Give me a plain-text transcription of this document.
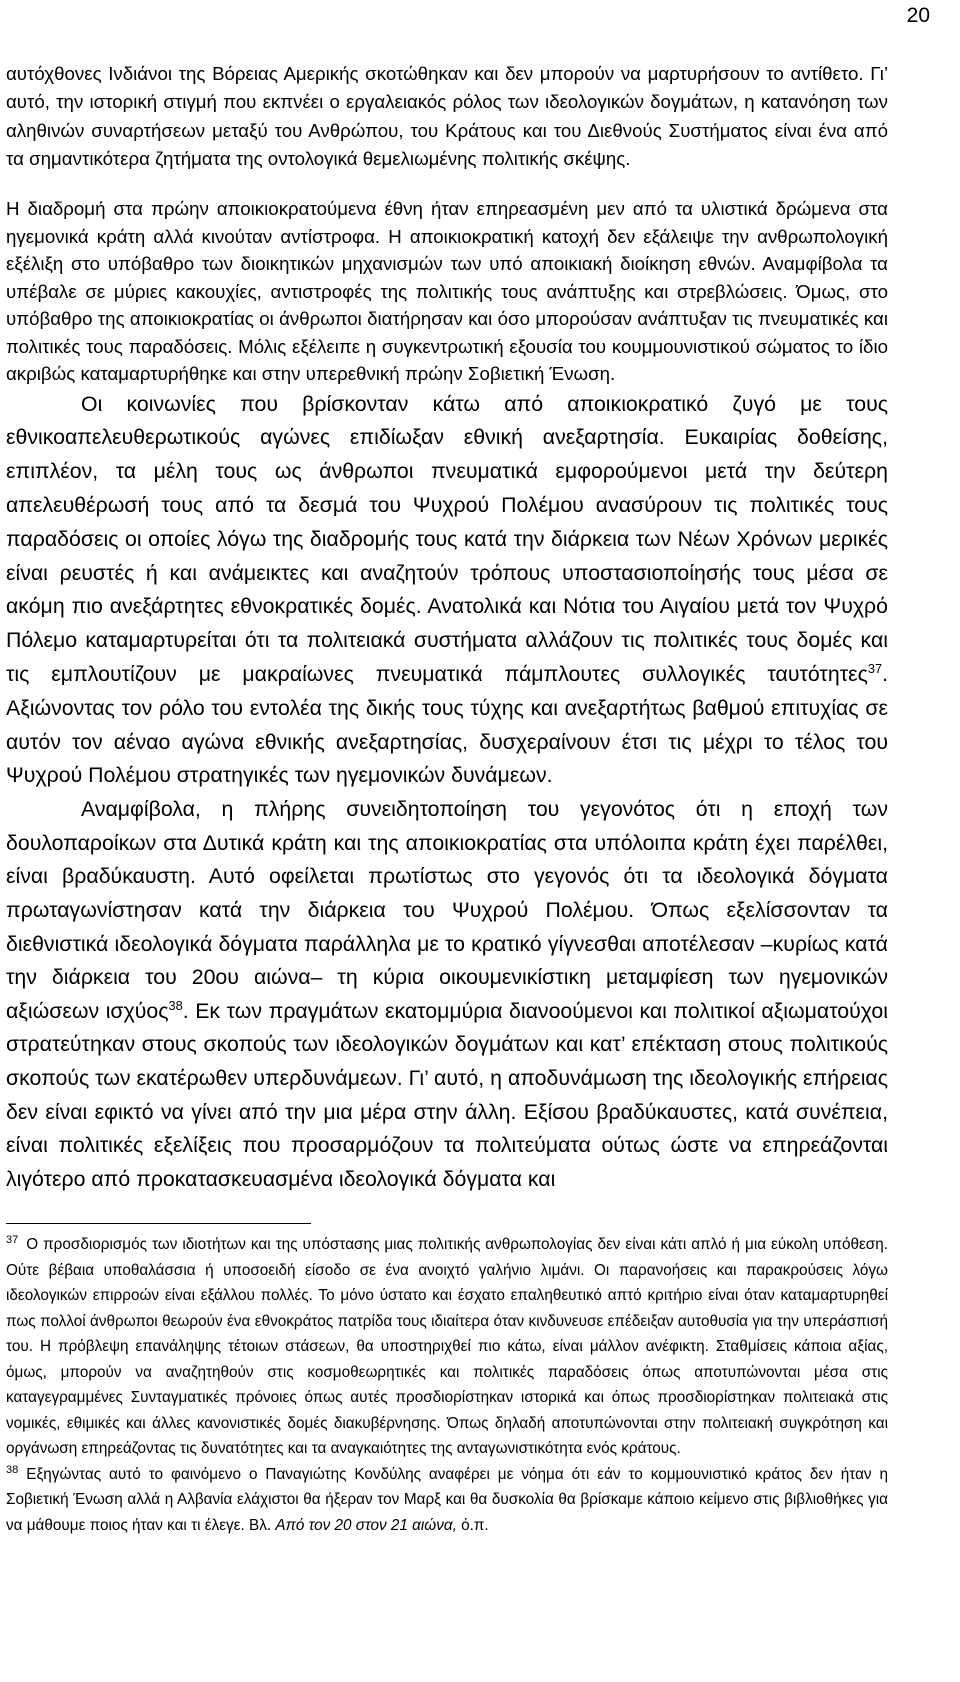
20

αυτόχθονες Ινδιάνοι της Βόρειας Αμερικής σκοτώθηκαν και δεν μπορούν να μαρτυρήσουν το αντίθετο. Γι’ αυτό, την ιστορική στιγμή που εκπνέει ο εργαλειακός ρόλος των ιδεολογικών δογμάτων, η κατανόηση των αληθινών συναρτήσεων μεταξύ του Ανθρώπου, του Κράτους και του Διεθνούς Συστήματος είναι ένα από τα σημαντικότερα ζητήματα της οντολογικά θεμελιωμένης πολιτικής σκέψης.

Η διαδρομή στα πρώην αποικιοκρατούμενα έθνη ήταν επηρεασμένη μεν από τα υλιστικά δρώμενα στα ηγεμονικά κράτη αλλά κινούταν αντίστροφα. Η αποικιοκρατική κατοχή δεν εξάλειψε την ανθρωπολογική εξέλιξη στο υπόβαθρο των διοικητικών μηχανισμών των υπό αποικιακή διοίκηση εθνών. Αναμφίβολα τα υπέβαλε σε μύριες κακουχίες, αντιστροφές της πολιτικής τους ανάπτυξης και στρεβλώσεις. Όμως, στο υπόβαθρο της αποικιοκρατίας οι άνθρωποι διατήρησαν και όσο μπορούσαν ανάπτυξαν τις πνευματικές και πολιτικές τους παραδόσεις. Μόλις εξέλειπε η συγκεντρωτική εξουσία του κουμμουνιστικού σώματος το ίδιο ακριβώς καταμαρτυρήθηκε και στην υπερεθνική πρώην Σοβιετική Ένωση.
Οι κοινωνίες που βρίσκονταν κάτω από αποικιοκρατικό ζυγό με τους εθνικοαπελευθερωτικούς αγώνες επιδίωξαν εθνική ανεξαρτησία. Ευκαιρίας δοθείσης, επιπλέον, τα μέλη τους ως άνθρωποι πνευματικά εμφορούμενοι μετά την δεύτερη απελευθέρωσή τους από τα δεσμά του Ψυχρού Πολέμου ανασύρουν τις πολιτικές τους παραδόσεις οι οποίες λόγω της διαδρομής τους κατά την διάρκεια των Νέων Χρόνων μερικές είναι ρευστές ή και ανάμεικτες και αναζητούν τρόπους υποστασιοποίησής τους μέσα σε ακόμη πιο ανεξάρτητες εθνοκρατικές δομές. Ανατολικά και Νότια του Αιγαίου μετά τον Ψυχρό Πόλεμο καταμαρτυρείται ότι τα πολιτειακά συστήματα αλλάζουν τις πολιτικές τους δομές και τις εμπλουτίζουν με μακραίωνες πνευματικά πάμπλουτες συλλογικές ταυτότητες$^{37}$. Αξιώνοντας τον ρόλο του εντολέα της δικής τους τύχης και ανεξαρτήτως βαθμού επιτυχίας σε αυτόν τον αέναο αγώνα εθνικής ανεξαρτησίας, δυσχεραίνουν έτσι τις μέχρι το τέλος του Ψυχρού Πολέμου στρατηγικές των ηγεμονικών δυνάμεων.

Αναμφίβολα, η πλήρης συνειδητοποίηση του γεγονότος ότι η εποχή των δουλοπαροίκων στα Δυτικά κράτη και της αποικιοκρατίας στα υπόλοιπα κράτη έχει παρέλθει, είναι βραδύκαυστη. Αυτό οφείλεται πρωτίστως στο γεγονός ότι τα ιδεολογικά δόγματα πρωταγωνίστησαν κατά την διάρκεια του Ψυχρού Πολέμου. Όπως εξελίσσονταν τα διεθνιστικά ιδεολογικά δόγματα παράλληλα με το κρατικό γίγνεσθαι αποτέλεσαν –κυρίως κατά την διάρκεια του 20ου αιώνα– τη κύρια οικουμενικίστικη μεταμφίεση των ηγεμονικών αξιώσεων ισχύος$^{38}$. Εκ των πραγμάτων εκατομμύρια διανοούμενοι και πολιτικοί αξιωματούχοι στρατεύτηκαν στους σκοπούς των ιδεολογικών δογμάτων και κατ’ επέκταση στους πολιτικούς σκοπούς των εκατέρωθεν υπερδυνάμεων. Γι’ αυτό, η αποδυνάμωση της ιδεολογικής επήρειας δεν είναι εφικτό να γίνει από την μια μέρα στην άλλη. Εξίσου βραδύκαυστες, κατά συνέπεια, είναι πολιτικές εξελίξεις που προσαρμόζουν τα πολιτεύματα ούτως ώστε να επηρεάζονται λιγότερο από προκατασκευασμένα ιδεολογικά δόγματα και

$^{37}$ Ο προσδιορισμός των ιδιοτήτων και της υπόστασης μιας πολιτικής ανθρωπολογίας δεν είναι κάτι απλό ή μια εύκολη υπόθεση. Ούτε βέβαια υποθαλάσσια ή υποσοειδή είσοδο σε ένα ανοιχτό γαλήνιο λιμάνι. Οι παρανοήσεις και παρακρούσεις λόγω ιδεολογικών επιρροών είναι εξάλλου πολλές. Το μόνο ύστατο και έσχατο επαληθευτικό απτό κριτήριο είναι όταν καταμαρτυρηθεί πως πολλοί άνθρωποι θεωρούν ένα εθνοκράτος πατρίδα τους ιδιαίτερα όταν κινδυνευσε επέδειξαν αυτοθυσία για την υπεράσπισή του. Η πρόβλεψη επανάληψης τέτοιων στάσεων, θα υποστηριχθεί πιο κάτω, είναι μάλλον ανέφικτη. Σταθμίσεις κάποια αξίας, όμως, μπορούν να αναζητηθούν στις κοσμοθεωρητικές και πολιτικές παραδόσεις όπως αποτυπώνονται μέσα στις καταγεγραμμένες Συνταγματικές πρόνοιες όπως αυτές προσδιορίστηκαν ιστορικά και όπως προσδιορίστηκαν πολιτειακά στις νομικές, εθιμικές και άλλες κανονιστικές δομές διακυβέρνησης. Όπως δηλαδή αποτυπώνονται στην πολιτειακή συγκρότηση και οργάνωση επηρεάζοντας τις δυνατότητες και τα αναγκαιότητες της ανταγωνιστικότητα ενός κράτους.

$^{38}$ Εξηγώντας αυτό το φαινόμενο ο Παναγιώτης Κονδύλης αναφέρει με νόημα ότι εάν το κομμουνιστικό κράτος δεν ήταν η Σοβιετική Ένωση αλλά η Αλβανία ελάχιστοι θα ήξεραν τον Μαρξ και θα δυσκολία θα βρίσκαμε κάποιο κείμενο στις βιβλιοθήκες για να μάθουμε ποιος ήταν και τι έλεγε. Βλ. Από τον 20 στον 21 αιώνα, ό.π.
